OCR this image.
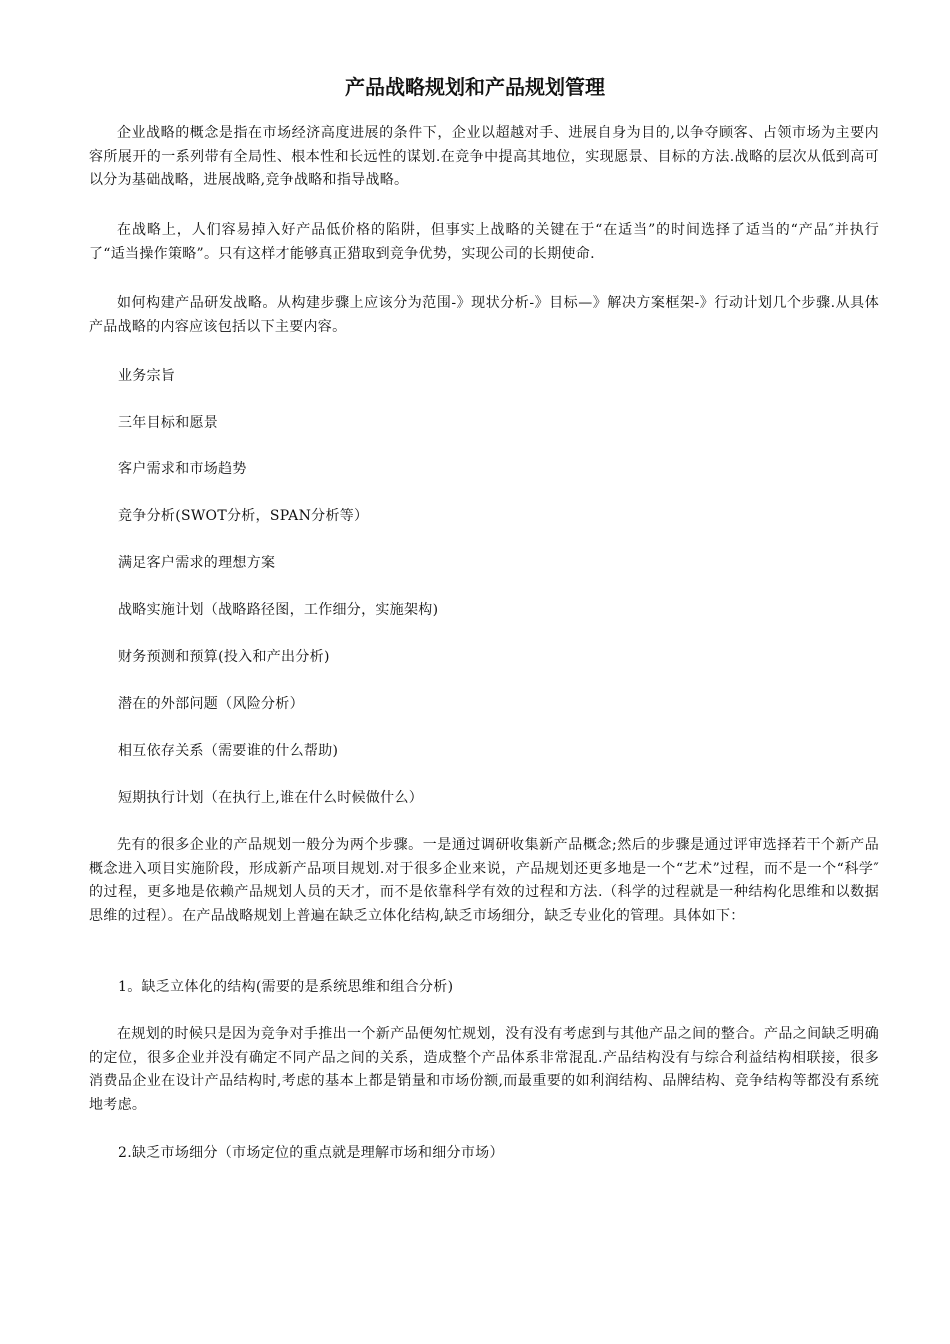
产品战略规划和产品规划管理

企业战略的概念是指在市场经济高度进展的条件下，企业以超越对手、进展自身为目的,以争夺顾客、占领市场为主要内容所展开的一系列带有全局性、根本性和长远性的谋划.在竞争中提高其地位，实现愿景、目标的方法.战略的层次从低到高可以分为基础战略，进展战略,竞争战略和指导战略。

在战略上，人们容易掉入好产品低价格的陷阱，但事实上战略的关键在于“在适当”的时间选择了适当的“产品″并执行了“适当操作策略”。只有这样才能够真正猎取到竞争优势，实现公司的长期使命.

如何构建产品研发战略。从构建步骤上应该分为范围-》现状分析-》目标—》解决方案框架-》行动计划几个步骤.从具体产品战略的内容应该包括以下主要内容。

业务宗旨

三年目标和愿景

客户需求和市场趋势

竞争分析(SWOT分析，SPAN分析等）

满足客户需求的理想方案

战略实施计划（战略路径图，工作细分，实施架构)

财务预测和预算(投入和产出分析)

潜在的外部问题（风险分析）

相互依存关系（需要谁的什么帮助)

短期执行计划（在执行上,谁在什么时候做什么）

先有的很多企业的产品规划一般分为两个步骤。一是通过调研收集新产品概念;然后的步骤是通过评审选择若干个新产品概念进入项目实施阶段，形成新产品项目规划.对于很多企业来说，产品规划还更多地是一个“艺术”过程，而不是一个“科学″的过程，更多地是依赖产品规划人员的天才，而不是依靠科学有效的过程和方法.（科学的过程就是一种结构化思维和以数据思维的过程）。在产品战略规划上普遍在缺乏立体化结构,缺乏市场细分，缺乏专业化的管理。具体如下：

1。缺乏立体化的结构(需要的是系统思维和组合分析)

在规划的时候只是因为竞争对手推出一个新产品便匆忙规划，没有没有考虑到与其他产品之间的整合。产品之间缺乏明确的定位，很多企业并没有确定不同产品之间的关系，造成整个产品体系非常混乱.产品结构没有与综合利益结构相联接，很多消费品企业在设计产品结构时,考虑的基本上都是销量和市场份额,而最重要的如利润结构、品牌结构、竞争结构等都没有系统地考虑。

2.缺乏市场细分（市场定位的重点就是理解市场和细分市场）
